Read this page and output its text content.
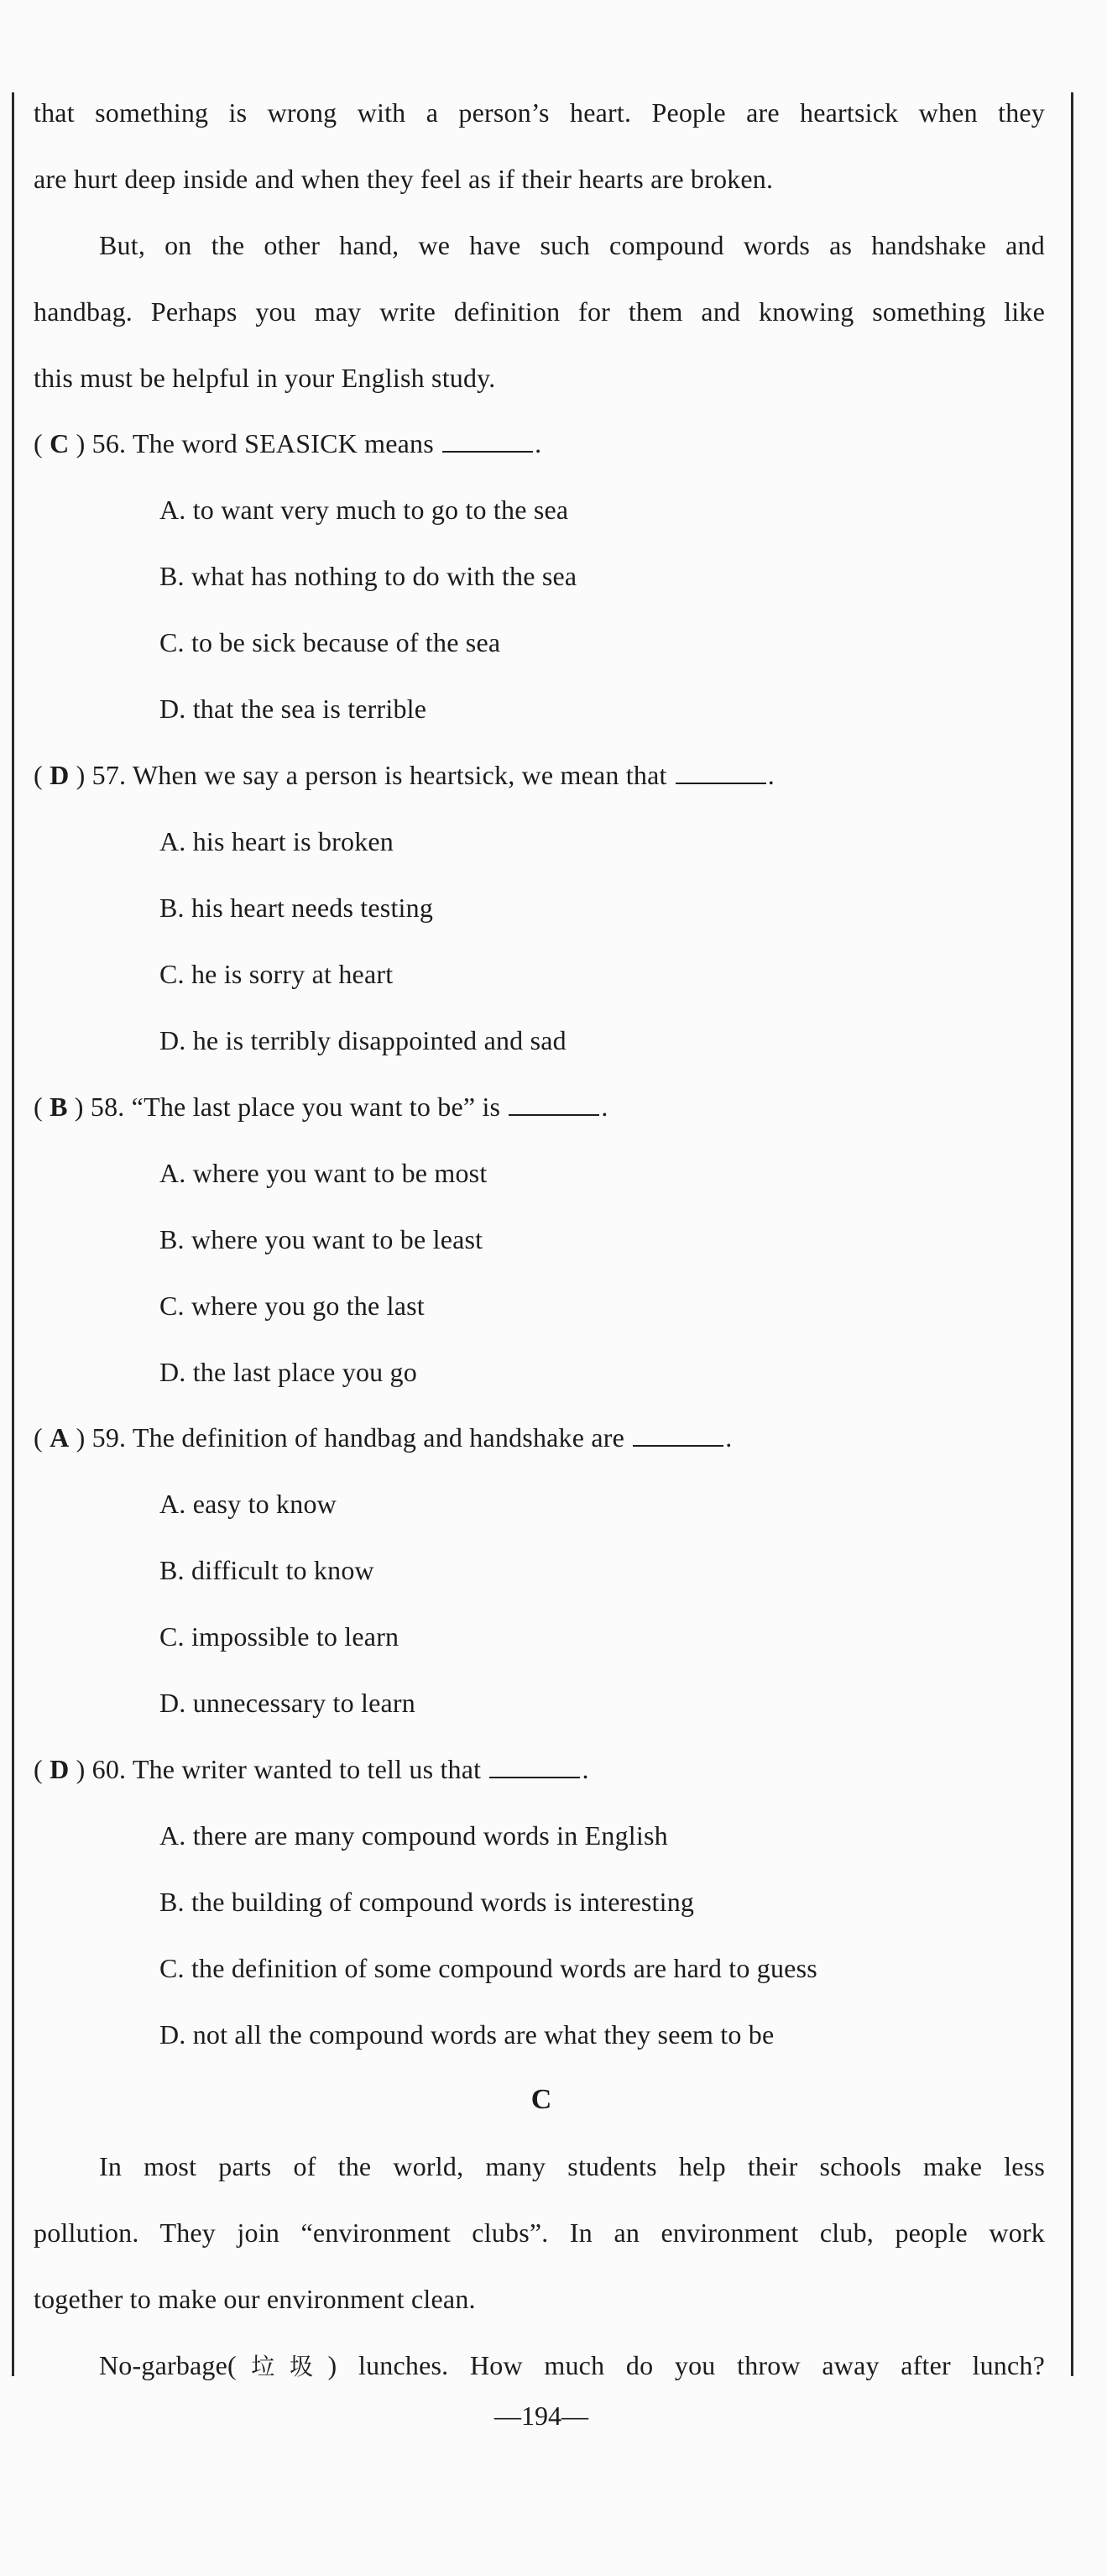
that something is wrong with a person’s heart. People are heartsick when they
are hurt deep inside and when they feel as if their hearts are broken.
But, on the other hand, we have such compound words as handshake and
handbag. Perhaps you may write definition for them and knowing something like
this must be helpful in your English study.
( C ) 56. The word SEASICK means	.
A. to want very much to go to the sea
B. what has nothing to do with the sea
C. to be sick because of the sea
D. that the sea is terrible
( D ) 57. When we say a person is heartsick, we mean that	.
A. his heart is broken
B. his heart needs testing
C. he is sorry at heart
D. he is terribly disappointed and sad
( B ) 58. “The last place you want to be” is	.
A. where you want to be most
B. where you want to be least
C. where you go the last
D. the last place you go
( A ) 59. The definition of handbag and handshake are	.
A. easy to know
B. difficult to know
C. impossible to learn
D. unnecessary to learn
( D ) 60. The writer wanted to tell us that	.
A. there are many compound words in English
B. the building of compound words is interesting
C. the definition of some compound words are hard to guess
D. not all the compound words are what they seem to be
C
In most parts of the world, many students help their schools make less
pollution. They join “environment clubs”. In an environment club, people work
together to make our environment clean.
No-garbage(垃圾) lunches. How much do you throw away after lunch?
—194—
